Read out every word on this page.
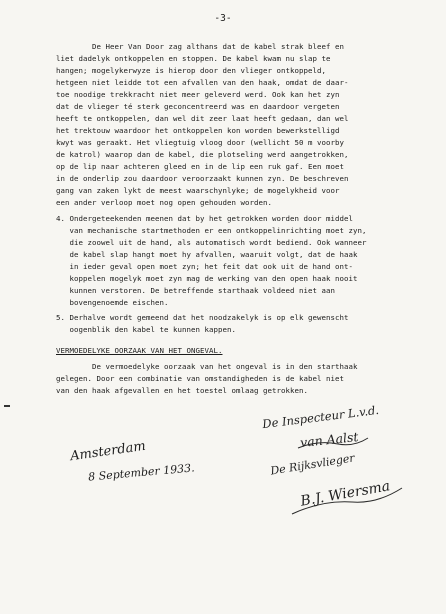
-3-
De Heer Van Door zag althans dat de kabel strak bleef en
liet dadelyk ontkoppelen en stoppen. De kabel kwam nu slap te
hangen; mogelykerwyze is hierop door den vlieger ontkoppeld,
hetgeen niet leidde tot een afvallen van den haak, omdat de daar-
toe noodige trekkracht niet meer geleverd werd. Ook kan het zyn
dat de vlieger té sterk geconcentreerd was en daardoor vergeten
heeft te ontkoppelen, dan wel dit zeer laat heeft gedaan, dan wel
het trektouw waardoor het ontkoppelen kon worden bewerkstelligd
kwyt was geraakt. Het vliegtuig vloog door (wellicht 50 m voorby
de katrol) waarop dan de kabel, die plotseling werd aangetrokken,
op de lip naar achteren gleed en in de lip een ruk gaf. Een moet
in de onderlip zou daardoor veroorzaakt kunnen zyn. De beschreven
gang van zaken lykt de meest waarschynlyke; de mogelykheid voor
een ander verloop moet nog open gehouden worden.
4. Ondergeteekenden meenen dat by het getrokken worden door middel
van mechanische startmethoden er een ontkoppelinrichting moet zyn,
die zoowel uit de hand, als automatisch wordt bediend. Ook wanneer
de kabel slap hangt moet hy afvallen, waaruit volgt, dat de haak
in ieder geval open moet zyn; het feit dat ook uit de hand ont-
koppelen mogelyk moet zyn mag de werking van den open haak nooit
kunnen verstoren. De betreffende starthaak voldeed niet aan
bovengenoemde eischen.
5. Derhalve wordt gemeend dat het noodzakelyk is op elk gewenscht
oogenblik den kabel te kunnen kappen.
VERMOEDELYKE OORZAAK VAN HET ONGEVAL.
De vermoedelyke oorzaak van het ongeval is in den starthaak
gelegen. Door een combinatie van omstandigheden is de kabel niet
van den haak afgevallen en het toestel omlaag getrokken.
Amsterdam
8 September 1933.
De Inspecteur L.v.d.
van Aalst
De Rijksvlieger
B.J. Wiersma
